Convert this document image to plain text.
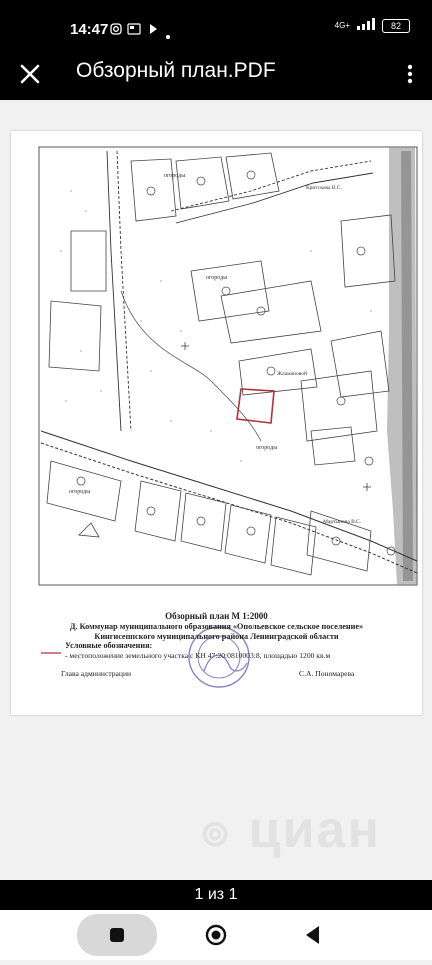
14:47	4G+	82
Обзорный план.PDF
огороды
огороды
огороды
огороды
Критскова В.С.
Жламановой
Мартынова В.С.
Обзорный план М 1:2000
Д. Коммунар муниципального образования «Опольевское сельское поселение»
Кингисеппского муниципального района Ленинградской области
Условные обозначения:
- местоположение земельного участка с КН 47:20:0810003:8, площадью 1200 кв.м
Глава администрации	С.А. Пономарева
⊚ циан
1 из 1
